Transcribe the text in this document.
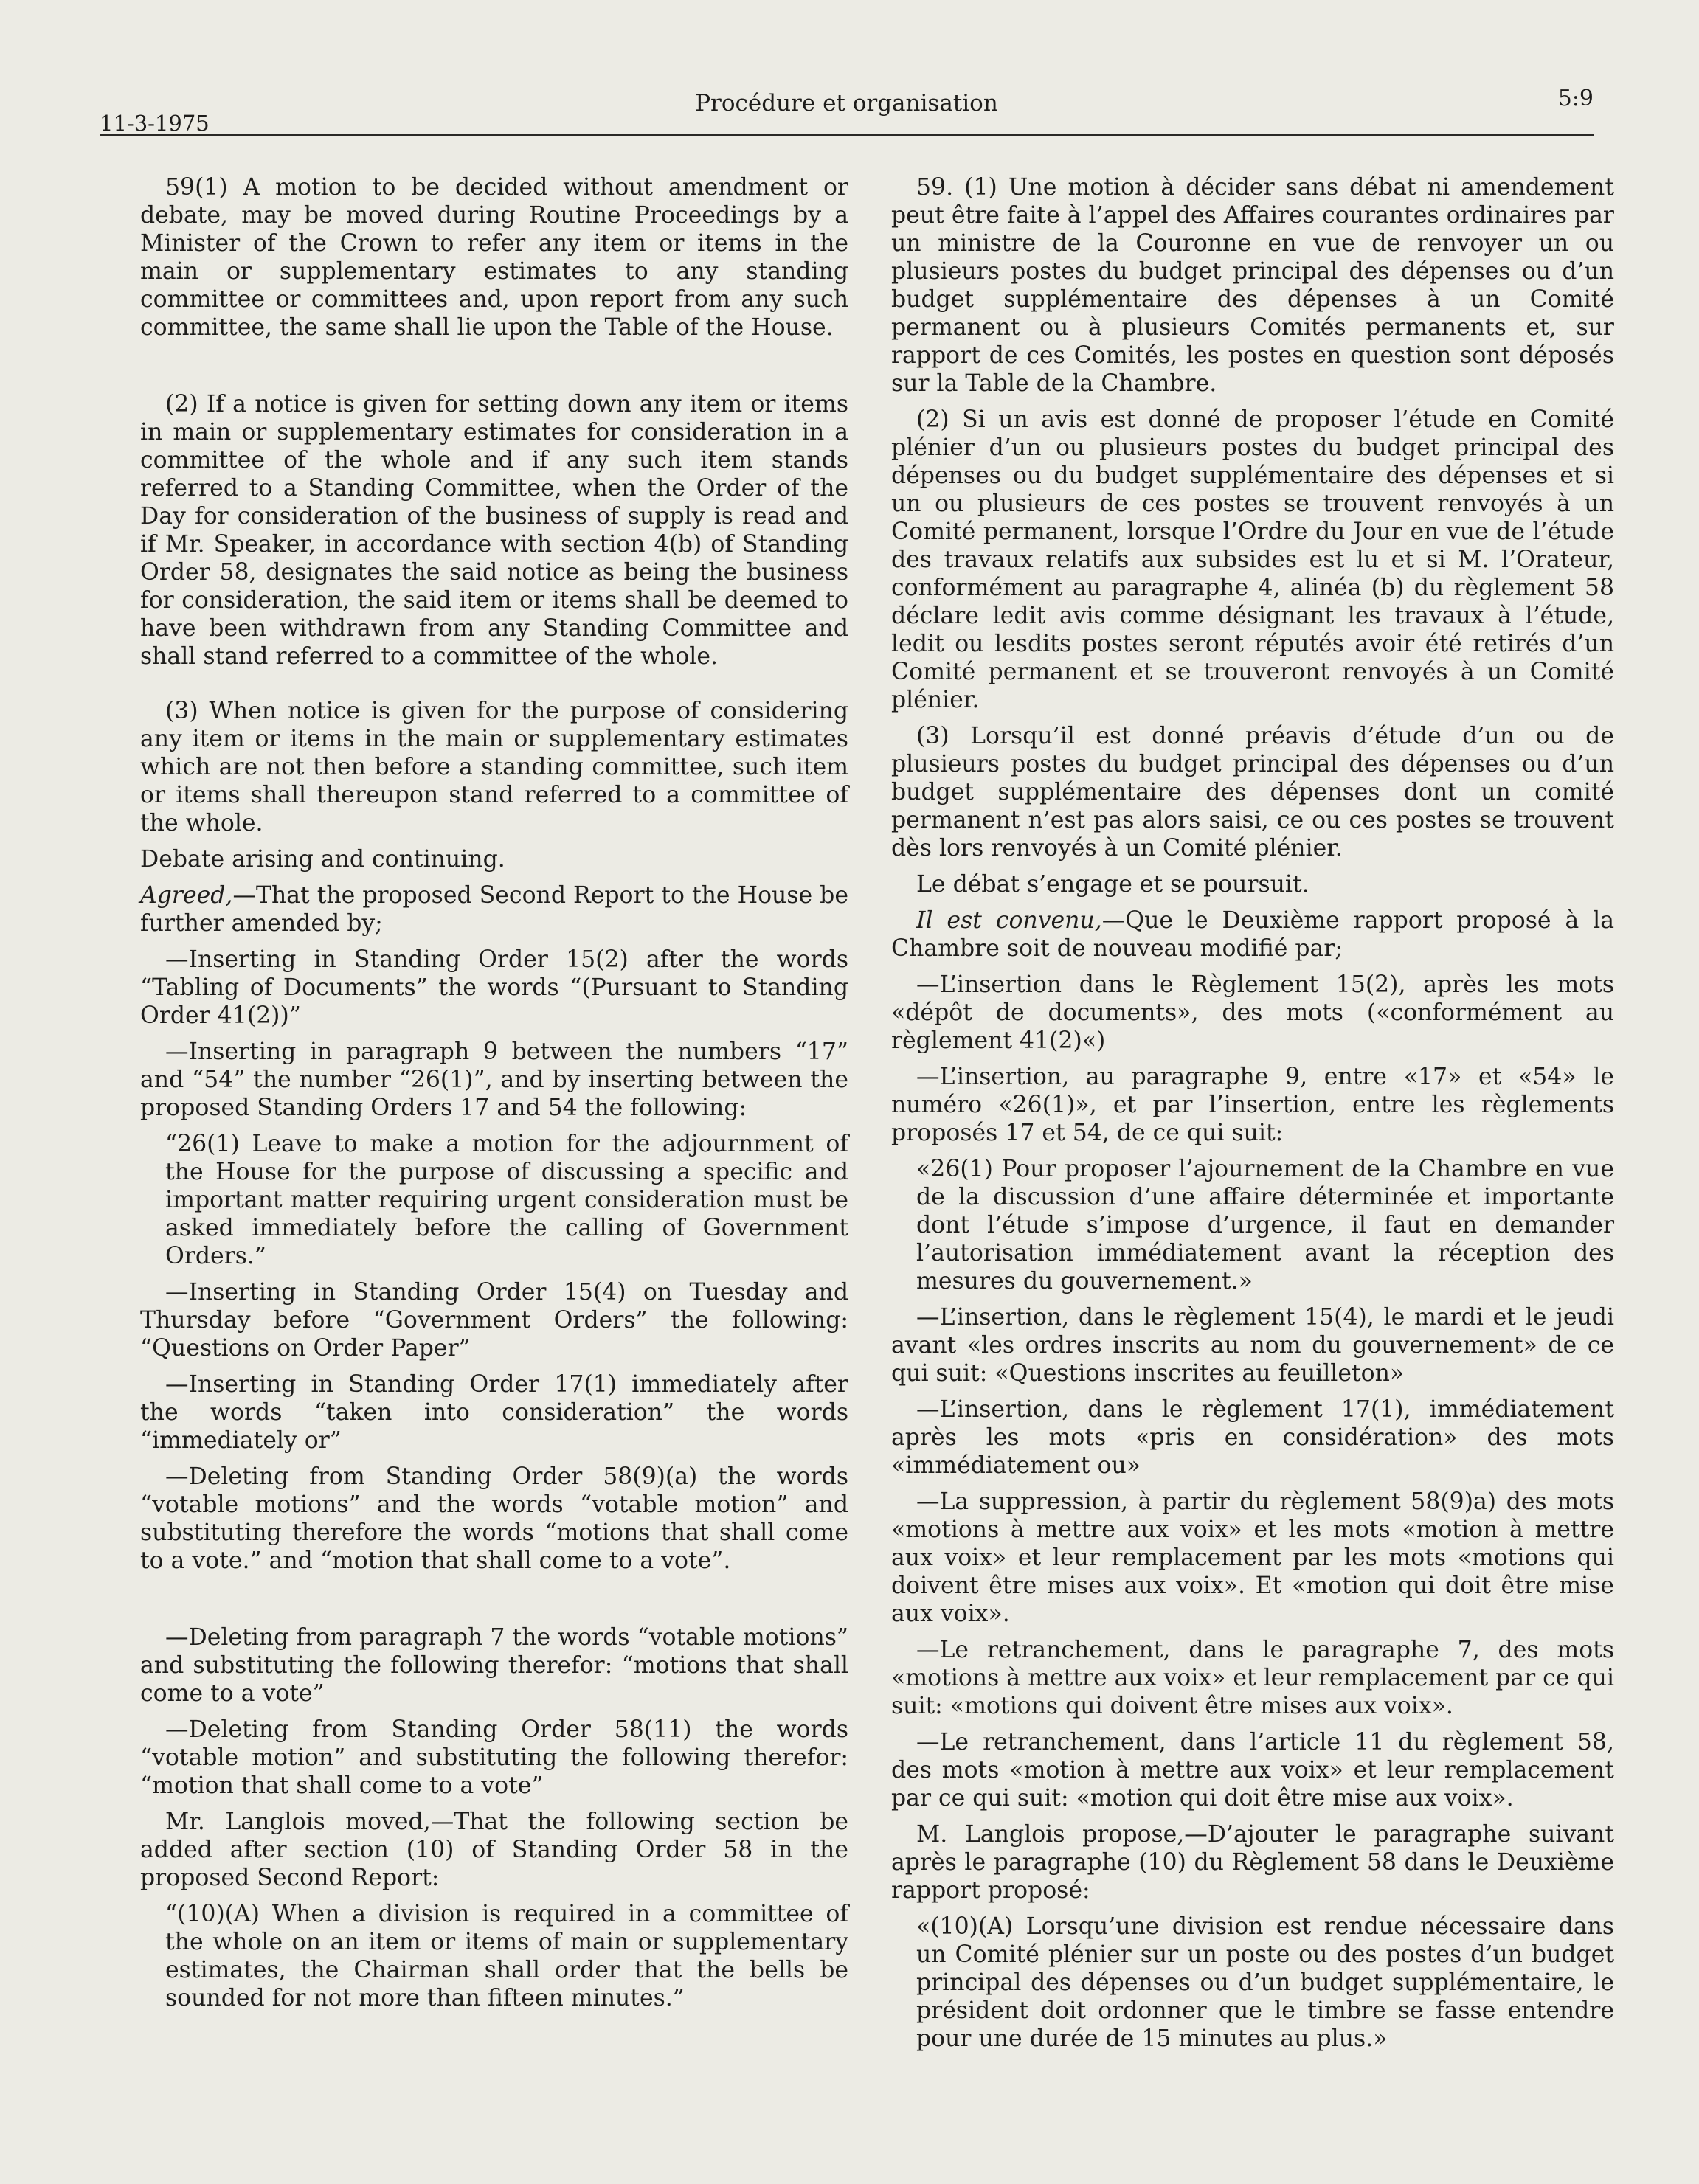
11-3-1975
Procédure et organisation	5:9

59(1) A motion to be decided without amendment or debate, may be moved during Routine Proceedings by a Minister of the Crown to refer any item or items in the main or supplementary estimates to any standing committee or committees and, upon report from any such committee, the same shall lie upon the Table of the House.

(2) If a notice is given for setting down any item or items in main or supplementary estimates for consideration in a committee of the whole and if any such item stands referred to a Standing Committee, when the Order of the Day for consideration of the business of supply is read and if Mr. Speaker, in accordance with section 4(b) of Standing Order 58, designates the said notice as being the business for consideration, the said item or items shall be deemed to have been withdrawn from any Standing Committee and shall stand referred to a committee of the whole.

(3) When notice is given for the purpose of considering any item or items in the main or supplementary estimates which are not then before a standing committee, such item or items shall thereupon stand referred to a committee of the whole.

Debate arising and continuing.

Agreed,—That the proposed Second Report to the House be further amended by;

—Inserting in Standing Order 15(2) after the words “Tabling of Documents” the words “(Pursuant to Standing Order 41(2))”

—Inserting in paragraph 9 between the numbers “17” and “54” the number “26(1)”, and by inserting between the proposed Standing Orders 17 and 54 the following:

“26(1) Leave to make a motion for the adjournment of the House for the purpose of discussing a specific and important matter requiring urgent consideration must be asked immediately before the calling of Government Orders.”

—Inserting in Standing Order 15(4) on Tuesday and Thursday before “Government Orders” the following: “Questions on Order Paper”

—Inserting in Standing Order 17(1) immediately after the words “taken into consideration” the words “immediately or”

—Deleting from Standing Order 58(9)(a) the words “votable motions” and the words “votable motion” and substituting therefore the words “motions that shall come to a vote.” and “motion that shall come to a vote”.

—Deleting from paragraph 7 the words “votable motions” and substituting the following therefor: “motions that shall come to a vote”

—Deleting from Standing Order 58(11) the words “votable motion” and substituting the following therefor: “motion that shall come to a vote”

Mr. Langlois moved,—That the following section be added after section (10) of Standing Order 58 in the proposed Second Report:

“(10)(A) When a division is required in a committee of the whole on an item or items of main or supplementary estimates, the Chairman shall order that the bells be sounded for not more than fifteen minutes.”

59. (1) Une motion à décider sans débat ni amendement peut être faite à l’appel des Affaires courantes ordinaires par un ministre de la Couronne en vue de renvoyer un ou plusieurs postes du budget principal des dépenses ou d’un budget supplémentaire des dépenses à un Comité permanent ou à plusieurs Comités permanents et, sur rapport de ces Comités, les postes en question sont déposés sur la Table de la Chambre.

(2) Si un avis est donné de proposer l’étude en Comité plénier d’un ou plusieurs postes du budget principal des dépenses ou du budget supplémentaire des dépenses et si un ou plusieurs de ces postes se trouvent renvoyés à un Comité permanent, lorsque l’Ordre du Jour en vue de l’étude des travaux relatifs aux subsides est lu et si M. l’Orateur, conformément au paragraphe 4, alinéa (b) du règlement 58 déclare ledit avis comme désignant les travaux à l’étude, ledit ou lesdits postes seront réputés avoir été retirés d’un Comité permanent et se trouveront renvoyés à un Comité plénier.

(3) Lorsqu’il est donné préavis d’étude d’un ou de plusieurs postes du budget principal des dépenses ou d’un budget supplémentaire des dépenses dont un comité permanent n’est pas alors saisi, ce ou ces postes se trouvent dès lors renvoyés à un Comité plénier.

Le débat s’engage et se poursuit.

Il est convenu,—Que le Deuxième rapport proposé à la Chambre soit de nouveau modifié par;

—L’insertion dans le Règlement 15(2), après les mots «dépôt de documents», des mots («conformément au règlement 41(2)«)

—L’insertion, au paragraphe 9, entre «17» et «54» le numéro «26(1)», et par l’insertion, entre les règlements proposés 17 et 54, de ce qui suit:

«26(1) Pour proposer l’ajournement de la Chambre en vue de la discussion d’une affaire déterminée et importante dont l’étude s’impose d’urgence, il faut en demander l’autorisation immédiatement avant la réception des mesures du gouvernement.»

—L’insertion, dans le règlement 15(4), le mardi et le jeudi avant «les ordres inscrits au nom du gouvernement» de ce qui suit: «Questions inscrites au feuilleton»

—L’insertion, dans le règlement 17(1), immédiatement après les mots «pris en considération» des mots «immédiatement ou»

—La suppression, à partir du règlement 58(9)a) des mots «motions à mettre aux voix» et les mots «motion à mettre aux voix» et leur remplacement par les mots «motions qui doivent être mises aux voix». Et «motion qui doit être mise aux voix».

—Le retranchement, dans le paragraphe 7, des mots «motions à mettre aux voix» et leur remplacement par ce qui suit: «motions qui doivent être mises aux voix».

—Le retranchement, dans l’article 11 du règlement 58, des mots «motion à mettre aux voix» et leur remplacement par ce qui suit: «motion qui doit être mise aux voix».

M. Langlois propose,—D’ajouter le paragraphe suivant après le paragraphe (10) du Règlement 58 dans le Deuxième rapport proposé:

«(10)(A) Lorsqu’une division est rendue nécessaire dans un Comité plénier sur un poste ou des postes d’un budget principal des dépenses ou d’un budget supplémentaire, le président doit ordonner que le timbre se fasse entendre pour une durée de 15 minutes au plus.»
